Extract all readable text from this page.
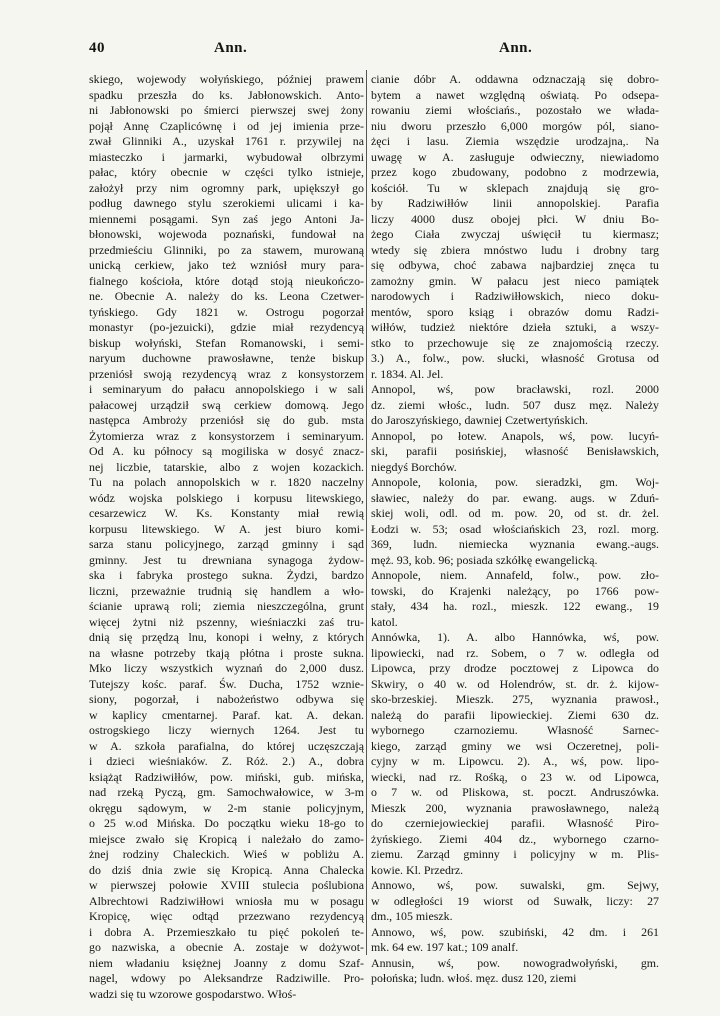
40	Ann.	Ann.
skiego, wojewody wołyńskiego, później prawem
spadku przeszła do ks. Jabłonowskich. Anto-
ni Jabłonowski po śmierci pierwszej swej żony
pojął Annę Czaplicównę i od jej imienia prze-
zwał Glinniki A., uzyskał 1761 r. przywilej na
miasteczko i jarmarki, wybudował olbrzymi
pałac, który obecnie w części tylko istnieje,
założył przy nim ogromny park, upiększył go
podług dawnego stylu szerokiemi ulicami i ka-
miennemi posągami. Syn zaś jego Antoni Ja-
błonowski, wojewoda poznański, fundował na
przedmieściu Glinniki, po za stawem, murowaną
unicką cerkiew, jako też wzniósł mury para-
fialnego kościoła, które dotąd stoją nieukończo-
ne. Obecnie A. należy do ks. Leona Czetwer-
tyńskiego. Gdy 1821 w. Ostrogu pogorzał
monastyr (po-jezuicki), gdzie miał rezydencyą
biskup wołyński, Stefan Romanowski, i semi-
naryum duchowne prawosławne, tenże biskup
przeniósł swoją rezydencyą wraz z konsystorzem
i seminaryum do pałacu annopolskiego i w sali
pałacowej urządził swą cerkiew domową. Jego
następca Ambroży przeniósł się do gub. msta
Żytomierza wraz z konsystorzem i seminaryum.
Od A. ku północy są mogiliska w dosyć znacz-
nej liczbie, tatarskie, albo z wojen kozackich.
Tu na polach annopolskich w r. 1820 naczelny
wódz wojska polskiego i korpusu litewskiego,
cesarzewicz W. Ks. Konstanty miał rewią
korpusu litewskiego. W A. jest biuro komi-
sarza stanu policyjnego, zarząd gminny i sąd
gminny. Jest tu drewniana synagoga żydow-
ska i fabryka prostego sukna. Żydzi, bardzo
liczni, przeważnie trudnią się handlem a wło-
ścianie uprawą roli; ziemia nieszczególna, grunt
więcej żytni niż pszenny, wieśniaczki zaś tru-
dnią się przędzą lnu, konopi i wełny, z których
na własne potrzeby tkają płótna i proste sukna.
Mko liczy wszystkich wyznań do 2,000 dusz.
Tutejszy kośc. paraf. Św. Ducha, 1752 wznie-
siony, pogorzał, i nabożeństwo odbywa się
w kaplicy cmentarnej. Paraf. kat. A. dekan.
ostrogskiego liczy wiernych 1264. Jest tu
w A. szkoła parafialna, do której uczęszczają
i dzieci wieśniaków. Z. Róż. 2.) A., dobra
książąt Radziwiłłów, pow. miński, gub. mińska,
nad rzeką Pyczą, gm. Samochwałowice, w 3-m
okręgu sądowym, w 2-m stanie policyjnym,
o 25 w.od Mińska. Do początku wieku 18-go to
miejsce zwało się Kropicą i należało do zamo-
żnej rodziny Chaleckich. Wieś w pobliżu A.
do dziś dnia zwie się Kropicą. Anna Chalecka
w pierwszej połowie XVIII stulecia poślubiona
Albrechtowi Radziwiłłowi wniosła mu w posagu
Kropicę, więc odtąd przezwano rezydencyą
i dobra A. Przemieszkało tu pięć pokoleń te-
go nazwiska, a obecnie A. zostaje w dożywot-
niem władaniu księżnej Joanny z domu Szaf-
nagel, wdowy po Aleksandrze Radziwille. Pro-
wadzi się tu wzorowe gospodarstwo. Włoś-
cianie dóbr A. oddawna odznaczają się dobro-
bytem a nawet względną oświatą. Po odsepa-
rowaniu ziemi włościańs., pozostało we włada-
niu dworu przeszło 6,000 morgów pól, siano-
żęci i lasu. Ziemia wszędzie urodzajna,. Na
uwagę w A. zasługuje odwieczny, niewiadomo
przez kogo zbudowany, podobno z modrzewia,
kościół. Tu w sklepach znajdują się gro-
by Radziwiłłów linii annopolskiej. Parafia
liczy 4000 dusz obojej płci. W dniu Bo-
żego Ciała zwyczaj uświęcił tu kiermasz;
wtedy się zbiera mnóstwo ludu i drobny targ
się odbywa, choć zabawa najbardziej znęca tu
zamożny gmin. W pałacu jest nieco pamiątek
narodowych i Radziwiłłowskich, nieco doku-
mentów, sporo ksiąg i obrazów domu Radzi-
wiłłów, tudzież niektóre dzieła sztuki, a wszy-
stko to przechowuje się ze znajomością rzeczy.
3.) A., folw., pow. słucki, własność Grotusa od
r. 1834. Al. Jel.
Annopol, wś, pow bracławski, rozl. 2000
dz. ziemi włośc., ludn. 507 dusz męz. Należy
do Jaroszyńskiego, dawniej Czetwertyńskich.
Annopol, po łotew. Anapols, wś, pow. lucyń-
ski, parafii posińskiej, własność Benisławskich,
niegdyś Borchów.
Annopole, kolonia, pow. sieradzki, gm. Woj-
sławiec, należy do par. ewang. augs. w Zduń-
skiej woli, odl. od m. pow. 20, od st. dr. żel.
Łodzi w. 53; osad włościańskich 23, rozl. morg.
369, ludn. niemiecka wyznania ewang.-augs.
męż. 93, kob. 96; posiada szkółkę ewangelicką.
Annopole, niem. Annafeld, folw., pow. zło-
towski, do Krajenki należący, po 1766 pow-
stały, 434 ha. rozl., mieszk. 122 ewang., 19
katol.
Annówka, 1). A. albo Hannówka, wś, pow.
lipowiecki, nad rz. Sobem, o 7 w. odległa od
Lipowca, przy drodze pocztowej z Lipowca do
Skwiry, o 40 w. od Holendrów, st. dr. ż. kijow-
sko-brzeskiej. Mieszk. 275, wyznania prawosł.,
należą do parafii lipowieckiej. Ziemi 630 dz.
wybornego czarnoziemu. Własność Sarnec-
kiego, zarząd gminy we wsi Oczeretnej, poli-
cyjny w m. Lipowcu. 2). A., wś, pow. lipo-
wiecki, nad rz. Rośką, o 23 w. od Lipowca,
o 7 w. od Pliskowa, st. poczt. Andruszówka.
Mieszk 200, wyznania prawosławnego, należą
do czerniejowieckiej parafii. Własność Piro-
żyńskiego. Ziemi 404 dz., wybornego czarno-
ziemu. Zarząd gminny i policyjny w m. Plis-
kowie. Kl. Przedrz.
Annowo, wś, pow. suwalski, gm. Sejwy,
w odległości 19 wiorst od Suwałk, liczy: 27
dm., 105 mieszk.
Annowo, wś, pow. szubiński, 42 dm. i 261
mk. 64 ew. 197 kat.; 109 analf.
Annusin, wś, pow. nowogradwołyński, gm.
połońska; ludn. włoś. męz. dusz 120, ziemi
